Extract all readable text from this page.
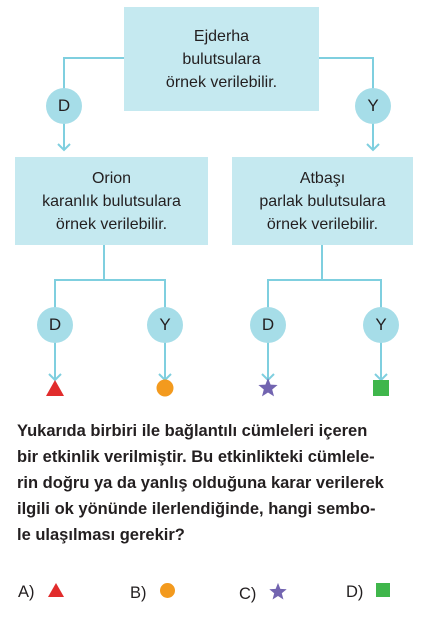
Ejderha
bulutsulara
örnek verilebilir.
D	Y
Orion
karanlık bulutsulara
örnek verilebilir.
Atbaşı
parlak bulutsulara
örnek verilebilir.
D	Y	D	Y
Yukarıda birbiri ile bağlantılı cümleleri içeren
bir etkinlik verilmiştir. Bu etkinlikteki cümlele-
rin doğru ya da yanlış olduğuna karar verilerek
ilgili ok yönünde ilerlendiğinde, hangi sembo-
le ulaşılması gerekir?
A)	B)	C)	D)
